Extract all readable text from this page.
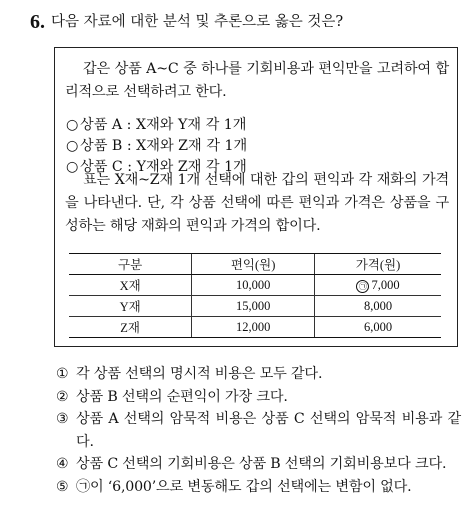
6. 다음 자료에 대한 분석 및 추론으로 옳은 것은?
갑은 상품 A~C 중 하나를 기회비용과 편익만을 고려하여 합리적으로 선택하려고 한다.
○ 상품 A : X재와 Y재 각 1개
○ 상품 B : X재와 Z재 각 1개
○ 상품 C : Y재와 Z재 각 1개
표는 X재~Z재 1개 선택에 대한 갑의 편익과 각 재화의 가격을 나타낸다. 단, 각 상품 선택에 따른 편익과 가격은 상품을 구성하는 해당 재화의 편익과 가격의 합이다.
구분	편익(원)	가격(원)
X재	10,000	㉠ 7,000
Y재	15,000	8,000
Z재	12,000	6,000
① 각 상품 선택의 명시적 비용은 모두 같다.
② 상품 B 선택의 순편익이 가장 크다.
③ 상품 A 선택의 암묵적 비용은 상품 C 선택의 암묵적 비용과 같다.
④ 상품 C 선택의 기회비용은 상품 B 선택의 기회비용보다 크다.
⑤ ㉠이 ‘6,000’으로 변동해도 갑의 선택에는 변함이 없다.
